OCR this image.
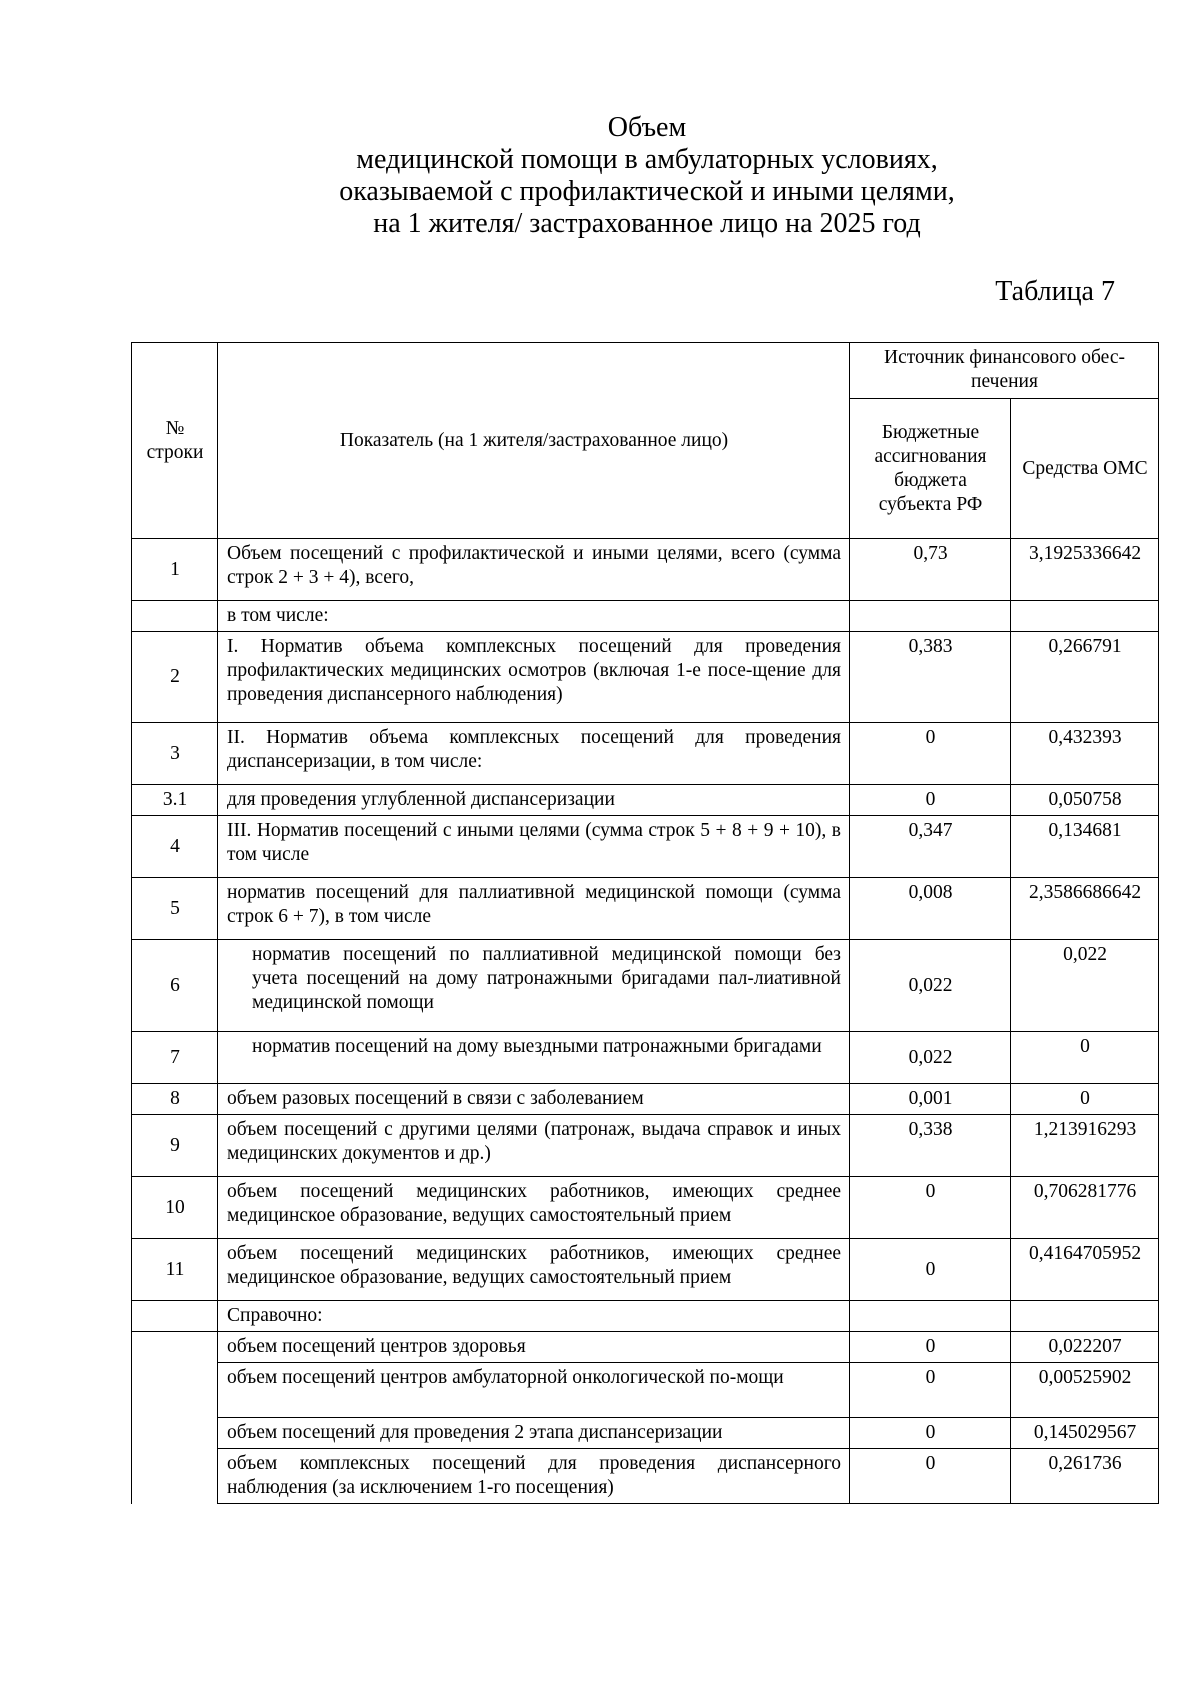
Объем
медицинской помощи в амбулаторных условиях,
оказываемой с профилактической и иными целями,
на 1 жителя/ застрахованное лицо на 2025 год
Таблица 7
№ строки	Показатель (на 1 жителя/застрахованное лицо)	Источник финансового обес-печения	
		Бюджетные ассигнования бюджета субъекта РФ	Средства ОМС
1	Объем посещений с профилактической и иными целями, всего (сумма строк 2 + 3 + 4), всего,	0,73	3,1925336642
	в том числе:		
2	I. Норматив объема комплексных посещений для проведения профилактических медицинских осмотров (включая 1-е посе-щение для проведения диспансерного наблюдения)	0,383	0,266791
3	II. Норматив объема комплексных посещений для проведения диспансеризации, в том числе:	0	0,432393
3.1	для проведения углубленной диспансеризации	0	0,050758
4	III. Норматив посещений с иными целями (сумма строк 5 + 8 + 9 + 10), в том числе	0,347	0,134681
5	норматив посещений для паллиативной медицинской помощи (сумма строк 6 + 7), в том числе	0,008	2,3586686642
6	норматив посещений по паллиативной медицинской помощи без учета посещений на дому патронажными бригадами пал-лиативной медицинской помощи	0,022	0,022
7	норматив посещений на дому выездными патронажными бригадами	0,022	0
8	объем разовых посещений в связи с заболеванием	0,001	0
9	объем посещений с другими целями (патронаж, выдача справок и иных медицинских документов и др.)	0,338	1,213916293
10	объем посещений медицинских работников, имеющих среднее медицинское образование, ведущих самостоятельный прием	0	0,706281776
11	объем посещений медицинских работников, имеющих среднее медицинское образование, ведущих самостоятельный прием	0	0,4164705952
	Справочно:		
	объем посещений центров здоровья	0	0,022207
	объем посещений центров амбулаторной онкологической по-мощи	0	0,00525902
	объем посещений для проведения 2 этапа диспансеризации	0	0,145029567
	объем комплексных посещений для проведения диспансерного наблюдения (за исключением 1-го посещения)	0	0,261736
